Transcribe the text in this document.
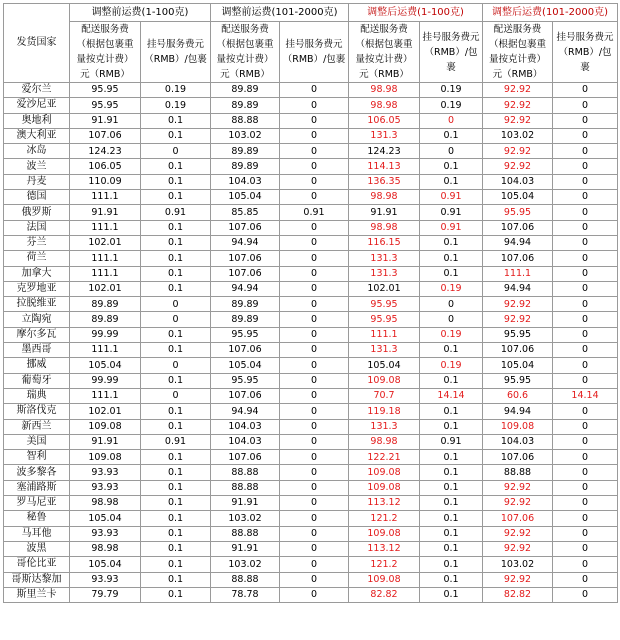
发货国家	调整前运费(1-100克)		调整前运费(101-2000克)		调整后运费(1-100克)		调整后运费(101-2000克)	
	配送服务费（根据包裹重量按克计费）元（RMB）	挂号服务费元（RMB）/包裹	配送服务费（根据包裹重量按克计费）元（RMB）	挂号服务费元（RMB）/包裹	配送服务费（根据包裹重量按克计费）元（RMB）	挂号服务费元（RMB）/包裹	配送服务费（根据包裹重量按克计费）元（RMB）	挂号服务费元（RMB）/包裹
爱尔兰	95.95	0.19	89.89	0	98.98	0.19	92.92	0
爱沙尼亚	95.95	0.19	89.89	0	98.98	0.19	92.92	0
奥地利	91.91	0.1	88.88	0	106.05	0	92.92	0
澳大利亚	107.06	0.1	103.02	0	131.3	0.1	103.02	0
冰岛	124.23	0	89.89	0	124.23	0	92.92	0
波兰	106.05	0.1	89.89	0	114.13	0.1	92.92	0
丹麦	110.09	0.1	104.03	0	136.35	0.1	104.03	0
德国	111.1	0.1	105.04	0	98.98	0.91	105.04	0
俄罗斯	91.91	0.91	85.85	0.91	91.91	0.91	95.95	0
法国	111.1	0.1	107.06	0	98.98	0.91	107.06	0
芬兰	102.01	0.1	94.94	0	116.15	0.1	94.94	0
荷兰	111.1	0.1	107.06	0	131.3	0.1	107.06	0
加拿大	111.1	0.1	107.06	0	131.3	0.1	111.1	0
克罗地亚	102.01	0.1	94.94	0	102.01	0.19	94.94	0
拉脱维亚	89.89	0	89.89	0	95.95	0	92.92	0
立陶宛	89.89	0	89.89	0	95.95	0	92.92	0
摩尔多瓦	99.99	0.1	95.95	0	111.1	0.19	95.95	0
墨西哥	111.1	0.1	107.06	0	131.3	0.1	107.06	0
挪威	105.04	0	105.04	0	105.04	0.19	105.04	0
葡萄牙	99.99	0.1	95.95	0	109.08	0.1	95.95	0
瑞典	111.1	0	107.06	0	70.7	14.14	60.6	14.14
斯洛伐克	102.01	0.1	94.94	0	119.18	0.1	94.94	0
新西兰	109.08	0.1	104.03	0	131.3	0.1	109.08	0
美国	91.91	0.91	104.03	0	98.98	0.91	104.03	0
智利	109.08	0.1	107.06	0	122.21	0.1	107.06	0
波多黎各	93.93	0.1	88.88	0	109.08	0.1	88.88	0
塞浦路斯	93.93	0.1	88.88	0	109.08	0.1	92.92	0
罗马尼亚	98.98	0.1	91.91	0	113.12	0.1	92.92	0
秘鲁	105.04	0.1	103.02	0	121.2	0.1	107.06	0
马耳他	93.93	0.1	88.88	0	109.08	0.1	92.92	0
波黑	98.98	0.1	91.91	0	113.12	0.1	92.92	0
哥伦比亚	105.04	0.1	103.02	0	121.2	0.1	103.02	0
哥斯达黎加	93.93	0.1	88.88	0	109.08	0.1	92.92	0
斯里兰卡	79.79	0.1	78.78	0	82.82	0.1	82.82	0
